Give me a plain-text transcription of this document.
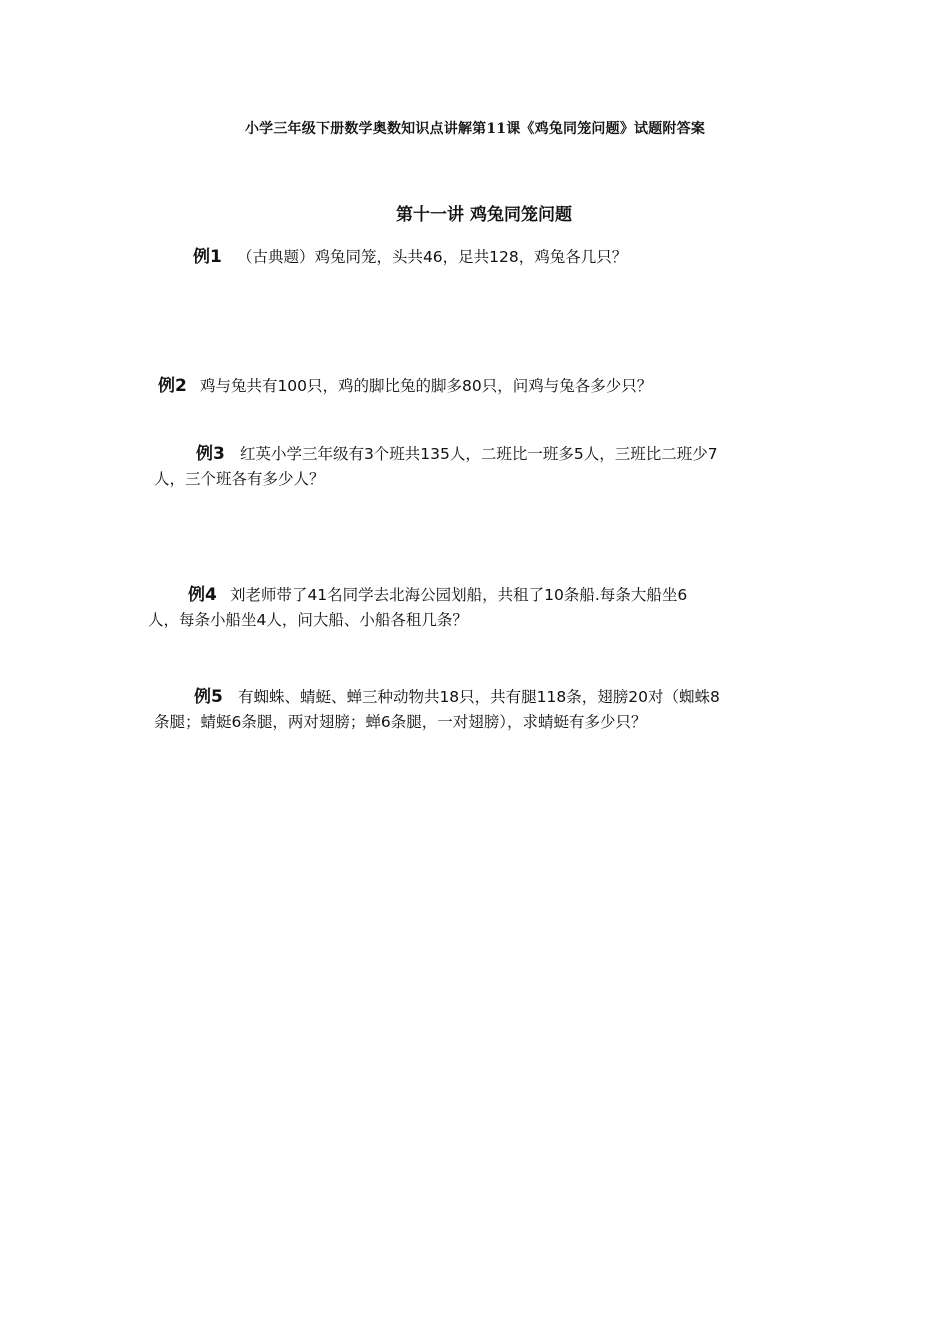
小学三年级下册数学奥数知识点讲解第11课《鸡兔同笼问题》试题附答案
第十一讲 鸡兔同笼问题
例1 （古典题）鸡兔同笼，头共46，足共128，鸡兔各几只？
例2 鸡与兔共有100只，鸡的脚比兔的脚多80只，问鸡与兔各多少只？
例3 红英小学三年级有3个班共135人，二班比一班多5人，三班比二班少7
人，三个班各有多少人？
例4 刘老师带了41名同学去北海公园划船，共租了10条船.每条大船坐6
人，每条小船坐4人，问大船、小船各租几条？
例5 有蜘蛛、蜻蜓、蝉三种动物共18只，共有腿118条，翅膀20对（蜘蛛8
条腿；蜻蜓6条腿，两对翅膀；蝉6条腿，一对翅膀），求蜻蜓有多少只？
